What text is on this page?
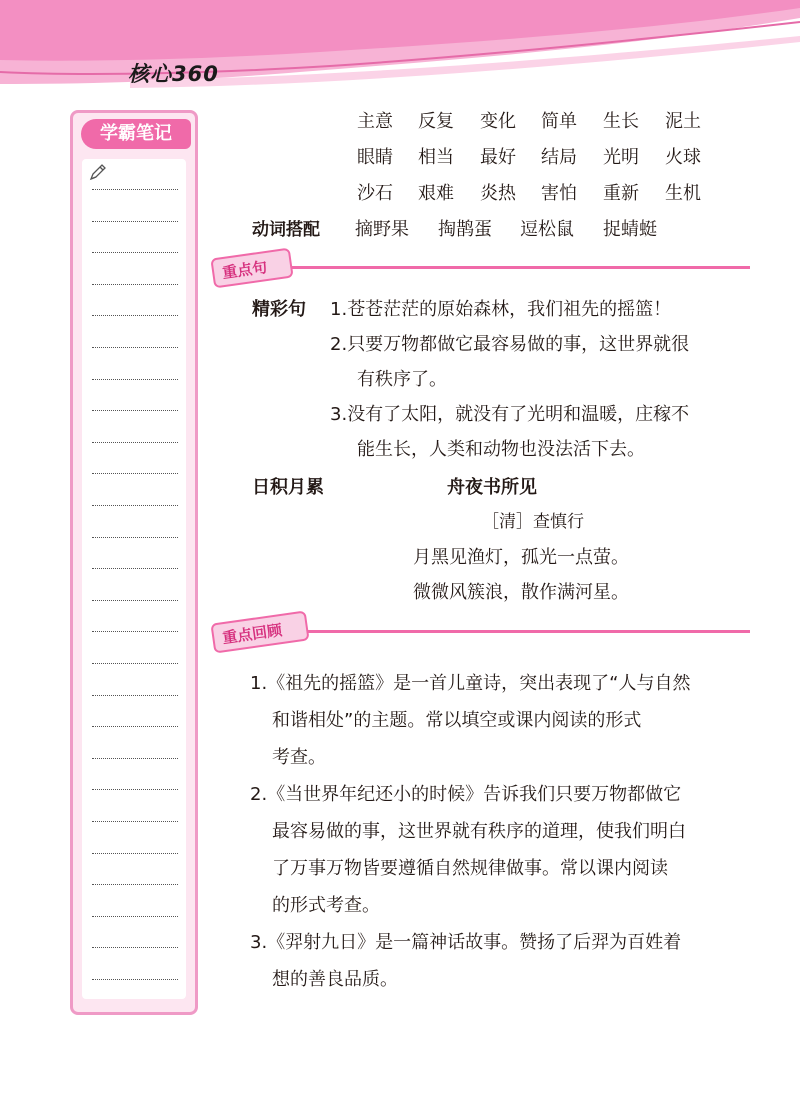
核心360
学霸笔记
主意 反复 变化 简单 生长 泥土
眼睛 相当 最好 结局 光明 火球
沙石 艰难 炎热 害怕 重新 生机
动词搭配 摘野果 掏鹊蛋 逗松鼠 捉蜻蜓
重点句
精彩句 1.苍苍茫茫的原始森林，我们祖先的摇篮！
2.只要万物都做它最容易做的事，这世界就很
有秩序了。
3.没有了太阳，就没有了光明和温暖，庄稼不
能生长，人类和动物也没法活下去。
日积月累	舟夜书所见
［清］查慎行
月黑见渔灯，孤光一点萤。
微微风簇浪，散作满河星。
重点回顾
1.《祖先的摇篮》是一首儿童诗，突出表现了“人与自然
和谐相处”的主题。常以填空或课内阅读的形式
考查。
2.《当世界年纪还小的时候》告诉我们只要万物都做它
最容易做的事，这世界就有秩序的道理，使我们明白
了万事万物皆要遵循自然规律做事。常以课内阅读
的形式考查。
3.《羿射九日》是一篇神话故事。赞扬了后羿为百姓着
想的善良品质。
